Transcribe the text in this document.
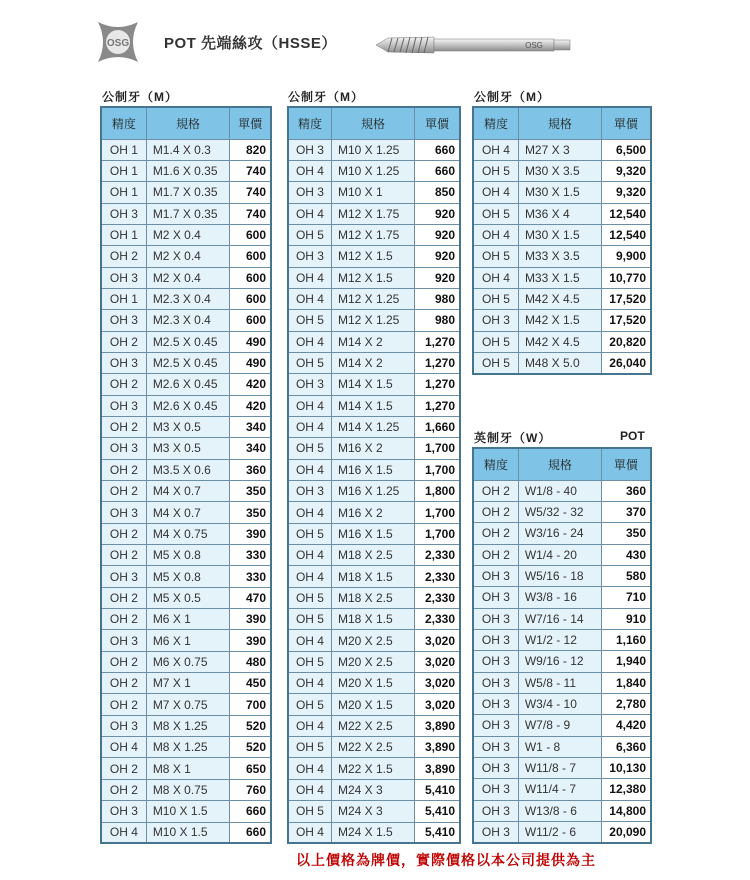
OSG POT 先端絲攻（HSSE）	OSG
公制牙（M）	公制牙（M）	公制牙（M）
英制牙（W）	POT
精度	規格	單價
OH 1	M1.4 X 0.3	820
OH 1	M1.6 X 0.35	740
OH 1	M1.7 X 0.35	740
OH 3	M1.7 X 0.35	740
OH 1	M2 X 0.4	600
OH 2	M2 X 0.4	600
OH 3	M2 X 0.4	600
OH 1	M2.3 X 0.4	600
OH 3	M2.3 X 0.4	600
OH 2	M2.5 X 0.45	490
OH 3	M2.5 X 0.45	490
OH 2	M2.6 X 0.45	420
OH 3	M2.6 X 0.45	420
OH 2	M3 X 0.5	340
OH 3	M3 X 0.5	340
OH 2	M3.5 X 0.6	360
OH 2	M4 X 0.7	350
OH 3	M4 X 0.7	350
OH 2	M4 X 0.75	390
OH 2	M5 X 0.8	330
OH 3	M5 X 0.8	330
OH 2	M5 X 0.5	470
OH 2	M6 X 1	390
OH 3	M6 X 1	390
OH 2	M6 X 0.75	480
OH 2	M7 X 1	450
OH 2	M7 X 0.75	700
OH 3	M8 X 1.25	520
OH 4	M8 X 1.25	520
OH 2	M8 X 1	650
OH 2	M8 X 0.75	760
OH 3	M10 X 1.5	660
OH 4	M10 X 1.5	660
精度	規格	單價
OH 3	M10 X 1.25	660
OH 4	M10 X 1.25	660
OH 3	M10 X 1	850
OH 4	M12 X 1.75	920
OH 5	M12 X 1.75	920
OH 3	M12 X 1.5	920
OH 4	M12 X 1.5	920
OH 4	M12 X 1.25	980
OH 5	M12 X 1.25	980
OH 4	M14 X 2	1,270
OH 5	M14 X 2	1,270
OH 3	M14 X 1.5	1,270
OH 4	M14 X 1.5	1,270
OH 4	M14 X 1.25	1,660
OH 5	M16 X 2	1,700
OH 4	M16 X 1.5	1,700
OH 3	M16 X 1.25	1,800
OH 4	M16 X 2	1,700
OH 5	M16 X 1.5	1,700
OH 4	M18 X 2.5	2,330
OH 4	M18 X 1.5	2,330
OH 5	M18 X 2.5	2,330
OH 5	M18 X 1.5	2,330
OH 4	M20 X 2.5	3,020
OH 5	M20 X 2.5	3,020
OH 4	M20 X 1.5	3,020
OH 5	M20 X 1.5	3,020
OH 4	M22 X 2.5	3,890
OH 5	M22 X 2.5	3,890
OH 4	M22 X 1.5	3,890
OH 4	M24 X 3	5,410
OH 5	M24 X 3	5,410
OH 4	M24 X 1.5	5,410
精度	規格	單價
OH 4	M27 X 3	6,500
OH 5	M30 X 3.5	9,320
OH 4	M30 X 1.5	9,320
OH 5	M36 X 4	12,540
OH 4	M30 X 1.5	12,540
OH 5	M33 X 3.5	9,900
OH 4	M33 X 1.5	10,770
OH 5	M42 X 4.5	17,520
OH 3	M42 X 1.5	17,520
OH 5	M42 X 4.5	20,820
OH 5	M48 X 5.0	26,040
精度	規格	單價
OH 2	W1/8 - 40	360
OH 2	W5/32 - 32	370
OH 2	W3/16 - 24	350
OH 2	W1/4 - 20	430
OH 3	W5/16 - 18	580
OH 3	W3/8 - 16	710
OH 3	W7/16 - 14	910
OH 3	W1/2 - 12	1,160
OH 3	W9/16 - 12	1,940
OH 3	W5/8 - 11	1,840
OH 3	W3/4 - 10	2,780
OH 3	W7/8 - 9	4,420
OH 3	W1 - 8	6,360
OH 3	W11/8 - 7	10,130
OH 3	W11/4 - 7	12,380
OH 3	W13/8 - 6	14,800
OH 3	W11/2 - 6	20,090
以上價格為牌價，實際價格以本公司提供為主
